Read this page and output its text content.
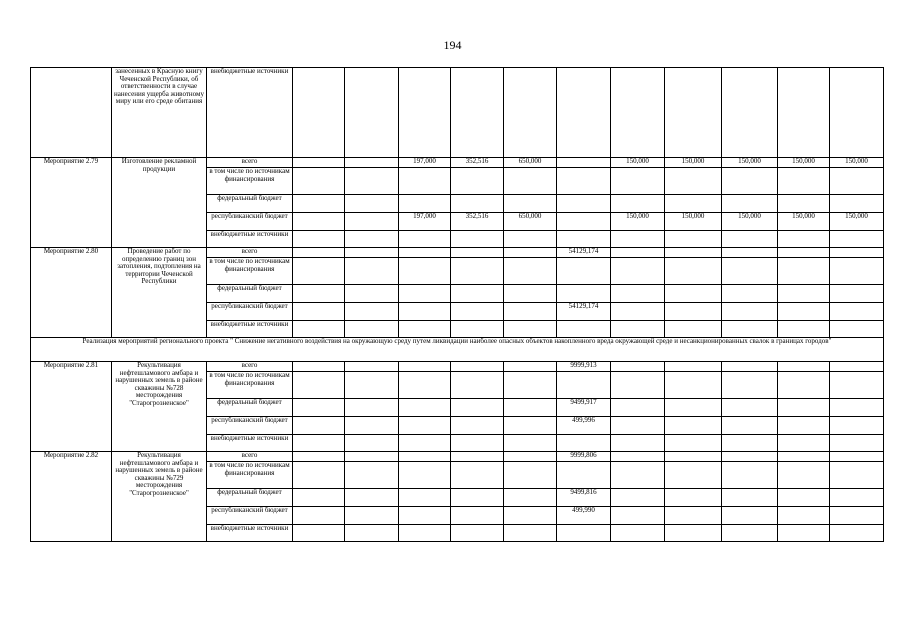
194
	занесенных в Красную книгу Чеченской Республики, об ответственности в случае нанесения ущерба животному миру или его среде обитания	внебюджетные источники											
Мероприятие 2.79	Изготовление рекламной продукции	всего			197,000	352,516	650,000		150,000	150,000	150,000	150,000	150,000
		в том числе по источникам финансирования											
		федеральный бюджет											
		республиканский бюджет			197,000	352,516	650,000		150,000	150,000	150,000	150,000	150,000
		внебюджетные источники											
Мероприятие 2.80	Проведение работ по определению границ зон затопления, подтопления на территории Чеченской Республики	всего						54129,174					
		в том числе по источникам финансирования											
		федеральный бюджет											
		республиканский бюджет						54129,174					
		внебюджетные источники											
Реализация мероприятий регионального проекта " Снижение негативного воздействия на окружающую среду путем ликвидации наиболее опасных объектов накопленного вреда окружающей среде и несанкционированных свалок в границах городов"													
Мероприятие 2.81	Рекультивация нефтешламового амбара и нарушенных земель в районе скважины №728 месторождения "Старогрозненское"	всего						9999,913					
		в том числе по источникам финансирования											
		федеральный бюджет						9499,917					
		республиканский бюджет						499,996					
		внебюджетные источники											
Мероприятие 2.82	Рекультивация нефтешламового амбара и нарушенных земель в районе скважины №729 месторождения "Старогрозненское"	всего						9999,806					
		в том числе по источникам финансирования											
		федеральный бюджет						9499,816					
		республиканский бюджет						499,990					
		внебюджетные источники											
